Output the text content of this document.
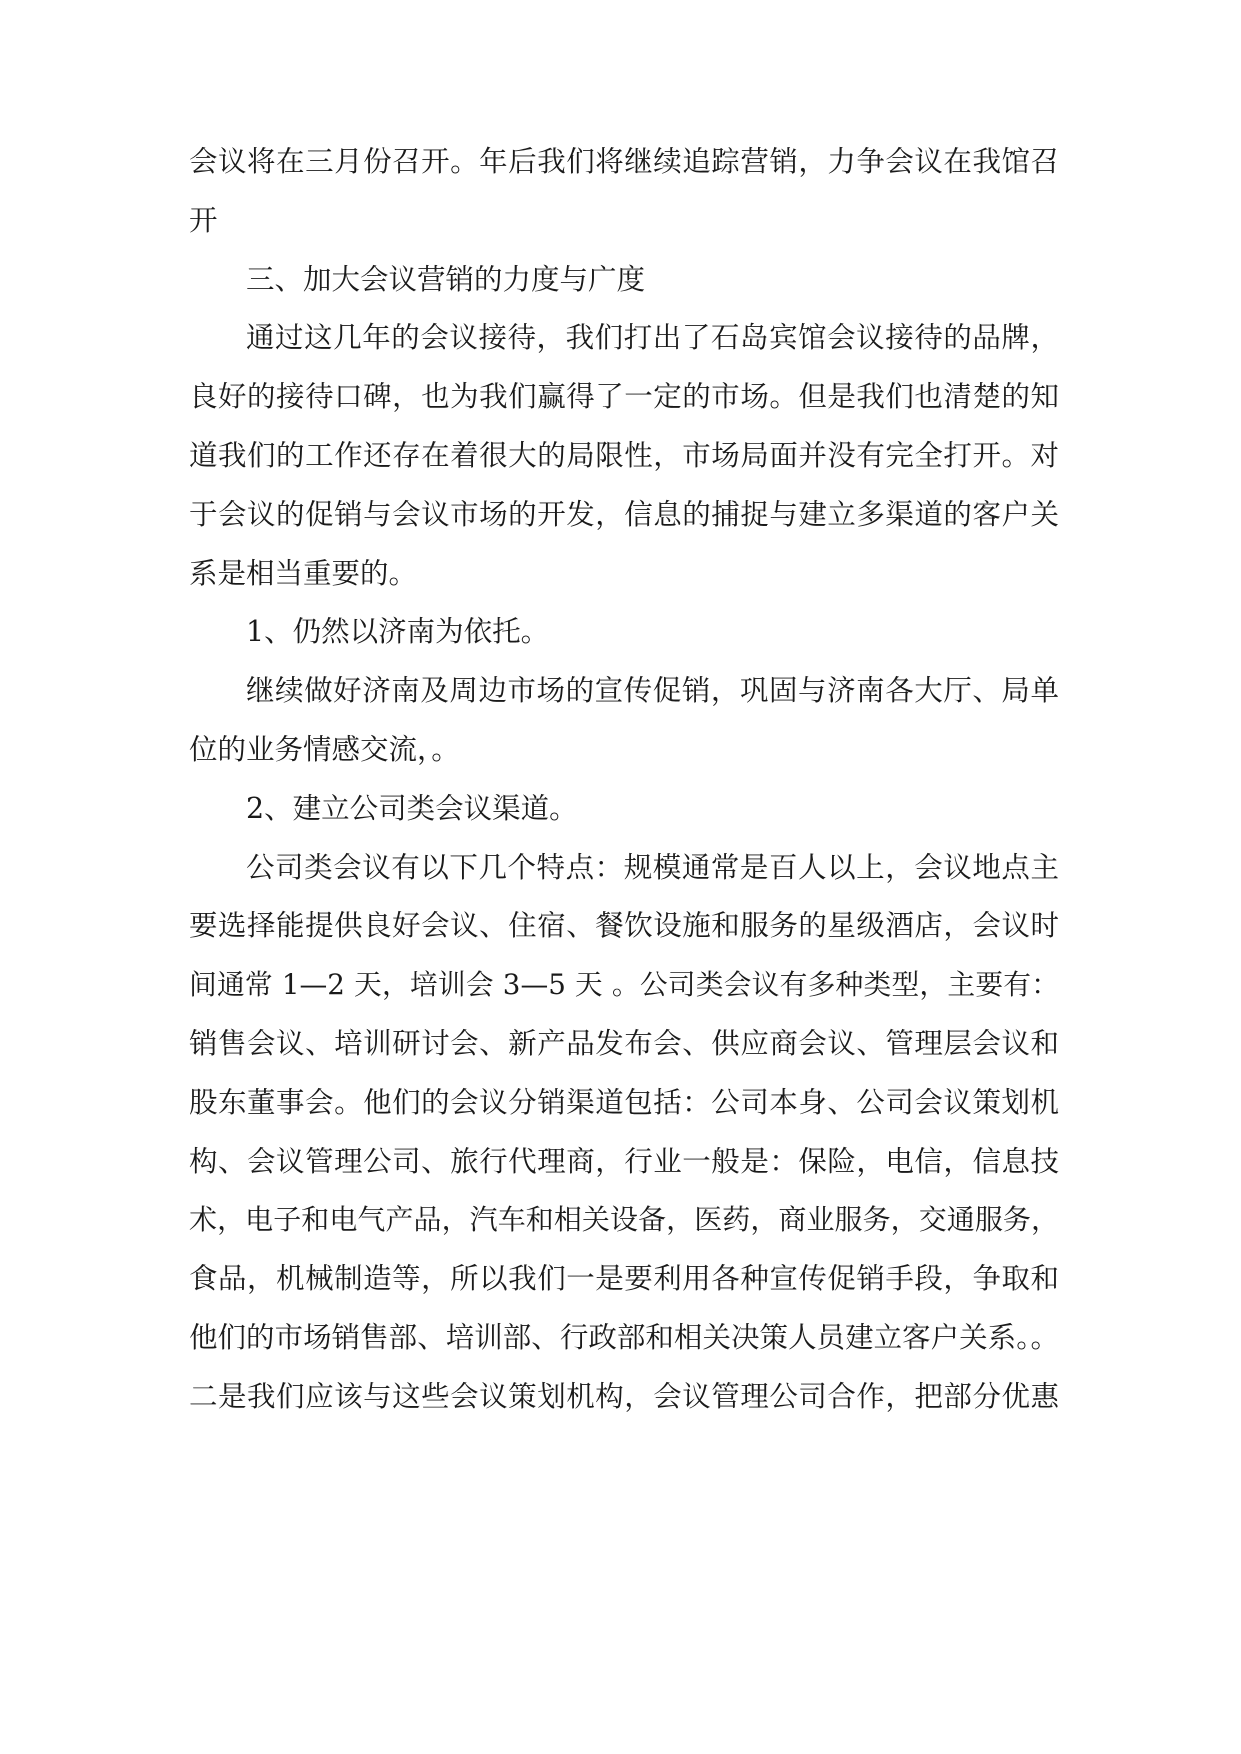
会议将在三月份召开。年后我们将继续追踪营销，力争会议在我馆召

开

三、加大会议营销的力度与广度

通过这几年的会议接待，我们打出了石岛宾馆会议接待的品牌，

良好的接待口碑，也为我们赢得了一定的市场。但是我们也清楚的知

道我们的工作还存在着很大的局限性，市场局面并没有完全打开。对

于会议的促销与会议市场的开发，信息的捕捉与建立多渠道的客户关

系是相当重要的。

1、仍然以济南为依托。

继续做好济南及周边市场的宣传促销，巩固与济南各大厅、局单

位的业务情感交流，。

2、建立公司类会议渠道。

公司类会议有以下几个特点：规模通常是百人以上，会议地点主

要选择能提供良好会议、住宿、餐饮设施和服务的星级酒店，会议时

间通常 1—2 天，培训会 3—5 天 。公司类会议有多种类型，主要有：

销售会议、培训研讨会、新产品发布会、供应商会议、管理层会议和

股东董事会。他们的会议分销渠道包括：公司本身、公司会议策划机

构、会议管理公司、旅行代理商，行业一般是：保险，电信，信息技

术，电子和电气产品，汽车和相关设备，医药，商业服务，交通服务，

食品，机械制造等，所以我们一是要利用各种宣传促销手段，争取和

他们的市场销售部、培训部、行政部和相关决策人员建立客户关系。。

二是我们应该与这些会议策划机构，会议管理公司合作，把部分优惠
